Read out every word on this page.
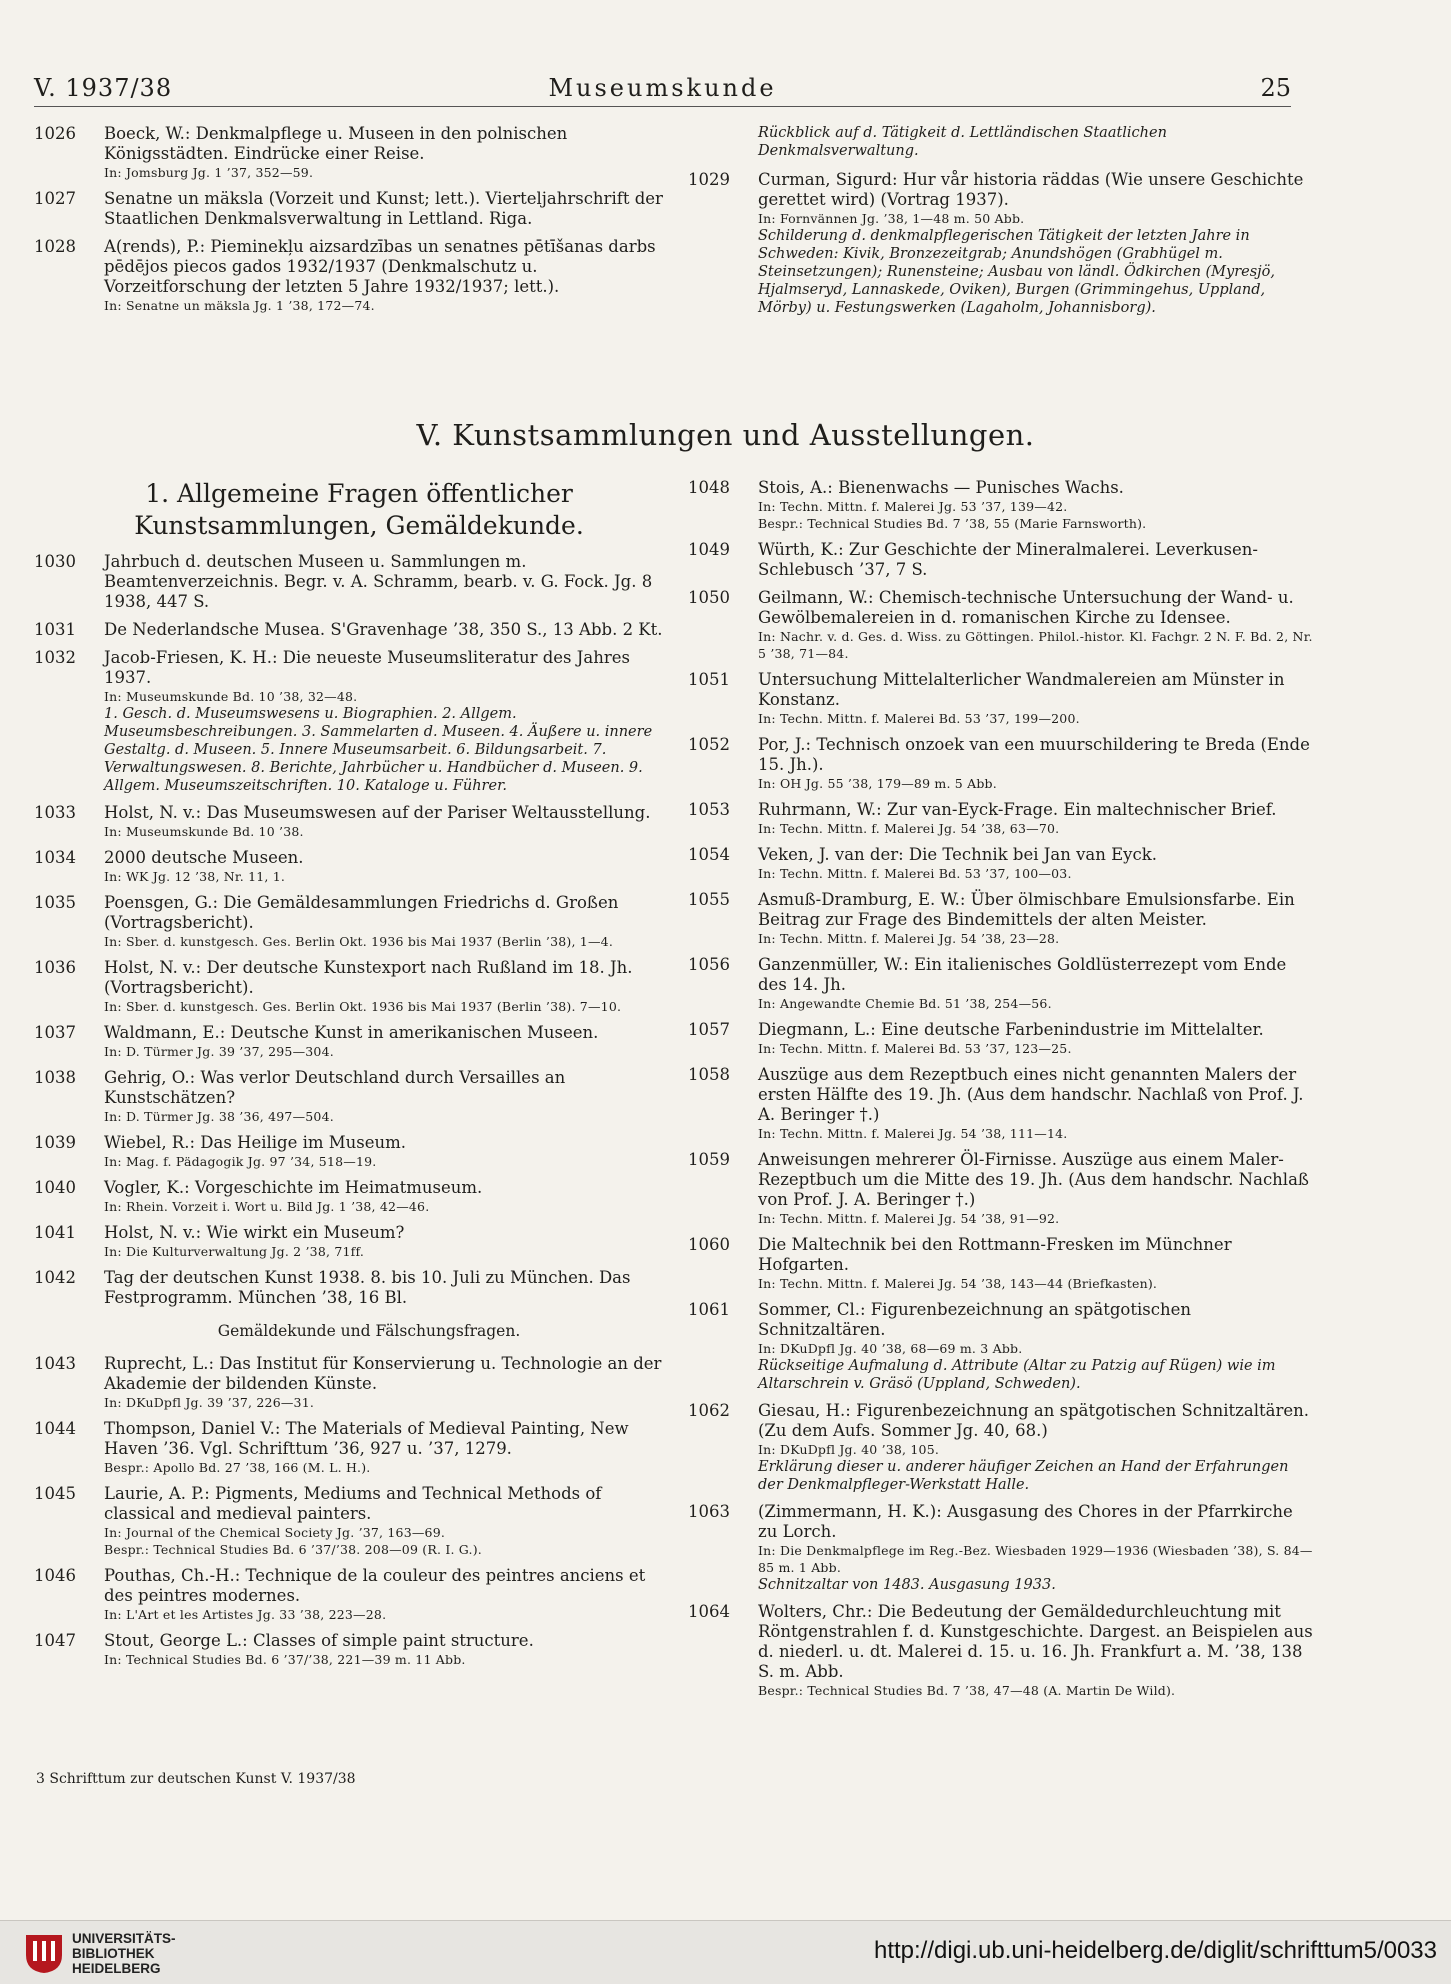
V. 1937/38	Museumskunde	25
1026 Boeck, W.: Denkmalpflege u. Museen in den polnischen Königsstädten. Eindrücke einer Reise.
In: Jomsburg Jg. 1 ’37, 352—59.
1027 Senatne un mäksla (Vorzeit und Kunst; lett.). Vierteljahrschrift der Staatlichen Denkmalsverwaltung in Lettland. Riga.
1028 A(rends), P.: Pieminekļu aizsardzības un senatnes pētīšanas darbs pēdējos piecos gados 1932/1937 (Denkmalschutz u. Vorzeitforschung der letzten 5 Jahre 1932/1937; lett.).
In: Senatne un mäksla Jg. 1 ’38, 172—74.
Rückblick auf d. Tätigkeit d. Lettländischen Staatlichen Denkmalsverwaltung.
1029 Curman, Sigurd: Hur vår historia räddas (Wie unsere Geschichte gerettet wird) (Vortrag 1937).
In: Fornvännen Jg. ’38, 1—48 m. 50 Abb.
Schilderung d. denkmalpflegerischen Tätigkeit der letzten Jahre in Schweden: Kivik, Bronzezeitgrab; Anundshögen (Grabhügel m. Steinsetzungen); Runensteine; Ausbau von ländl. Ödkirchen (Myresjö, Hjalmseryd, Lannaskede, Oviken), Burgen (Grimmingehus, Uppland, Mörby) u. Festungswerken (Lagaholm, Johannisborg).
V. Kunstsammlungen und Ausstellungen.
1. Allgemeine Fragen öffentlicher Kunstsammlungen, Gemäldekunde.
1030 Jahrbuch d. deutschen Museen u. Sammlungen m. Beamtenverzeichnis. Begr. v. A. Schramm, bearb. v. G. Fock. Jg. 8 1938, 447 S.
1031 De Nederlandsche Musea. S'Gravenhage ’38, 350 S., 13 Abb. 2 Kt.
1032 Jacob-Friesen, K. H.: Die neueste Museumsliteratur des Jahres 1937.
In: Museumskunde Bd. 10 ’38, 32—48.
1. Gesch. d. Museumswesens u. Biographien. 2. Allgem. Museumsbeschreibungen. 3. Sammelarten d. Museen. 4. Äußere u. innere Gestaltg. d. Museen. 5. Innere Museumsarbeit. 6. Bildungsarbeit. 7. Verwaltungswesen. 8. Berichte, Jahrbücher u. Handbücher d. Museen. 9. Allgem. Museumszeitschriften. 10. Kataloge u. Führer.
1033 Holst, N. v.: Das Museumswesen auf der Pariser Weltausstellung.
In: Museumskunde Bd. 10 ’38.
1034 2000 deutsche Museen.
In: WK Jg. 12 ’38, Nr. 11, 1.
1035 Poensgen, G.: Die Gemäldesammlungen Friedrichs d. Großen (Vortragsbericht).
In: Sber. d. kunstgesch. Ges. Berlin Okt. 1936 bis Mai 1937 (Berlin ’38), 1—4.
1036 Holst, N. v.: Der deutsche Kunstexport nach Rußland im 18. Jh. (Vortragsbericht).
In: Sber. d. kunstgesch. Ges. Berlin Okt. 1936 bis Mai 1937 (Berlin ’38). 7—10.
1037 Waldmann, E.: Deutsche Kunst in amerikanischen Museen.
In: D. Türmer Jg. 39 ’37, 295—304.
1038 Gehrig, O.: Was verlor Deutschland durch Versailles an Kunstschätzen?
In: D. Türmer Jg. 38 ’36, 497—504.
1039 Wiebel, R.: Das Heilige im Museum.
In: Mag. f. Pädagogik Jg. 97 ’34, 518—19.
1040 Vogler, K.: Vorgeschichte im Heimatmuseum.
In: Rhein. Vorzeit i. Wort u. Bild Jg. 1 ’38, 42—46.
1041 Holst, N. v.: Wie wirkt ein Museum?
In: Die Kulturverwaltung Jg. 2 ’38, 71ff.
1042 Tag der deutschen Kunst 1938. 8. bis 10. Juli zu München. Das Festprogramm. München ’38, 16 Bl.
Gemäldekunde und Fälschungsfragen.
1043 Ruprecht, L.: Das Institut für Konservierung u. Technologie an der Akademie der bildenden Künste.
In: DKuDpfl Jg. 39 ’37, 226—31.
1044 Thompson, Daniel V.: The Materials of Medieval Painting, New Haven ’36. Vgl. Schrifttum ’36, 927 u. ’37, 1279.
Bespr.: Apollo Bd. 27 ’38, 166 (M. L. H.).
1045 Laurie, A. P.: Pigments, Mediums and Technical Methods of classical and medieval painters.
In: Journal of the Chemical Society Jg. ’37, 163—69.
Bespr.: Technical Studies Bd. 6 ’37/’38. 208—09 (R. I. G.).
1046 Pouthas, Ch.-H.: Technique de la couleur des peintres anciens et des peintres modernes.
In: L'Art et les Artistes Jg. 33 ’38, 223—28.
1047 Stout, George L.: Classes of simple paint structure.
In: Technical Studies Bd. 6 ’37/’38, 221—39 m. 11 Abb.
1048 Stois, A.: Bienenwachs — Punisches Wachs.
In: Techn. Mittn. f. Malerei Jg. 53 ’37, 139—42.
Bespr.: Technical Studies Bd. 7 ’38, 55 (Marie Farnsworth).
1049 Würth, K.: Zur Geschichte der Mineralmalerei. Leverkusen-Schlebusch ’37, 7 S.
1050 Geilmann, W.: Chemisch-technische Untersuchung der Wand- u. Gewölbemalereien in d. romanischen Kirche zu Idensee.
In: Nachr. v. d. Ges. d. Wiss. zu Göttingen. Philol.-histor. Kl. Fachgr. 2 N. F. Bd. 2, Nr. 5 ’38, 71—84.
1051 Untersuchung Mittelalterlicher Wandmalereien am Münster in Konstanz.
In: Techn. Mittn. f. Malerei Bd. 53 ’37, 199—200.
1052 Por, J.: Technisch onzoek van een muurschildering te Breda (Ende 15. Jh.).
In: OH Jg. 55 ’38, 179—89 m. 5 Abb.
1053 Ruhrmann, W.: Zur van-Eyck-Frage. Ein maltechnischer Brief.
In: Techn. Mittn. f. Malerei Jg. 54 ’38, 63—70.
1054 Veken, J. van der: Die Technik bei Jan van Eyck.
In: Techn. Mittn. f. Malerei Bd. 53 ’37, 100—03.
1055 Asmuß-Dramburg, E. W.: Über ölmischbare Emulsionsfarbe. Ein Beitrag zur Frage des Bindemittels der alten Meister.
In: Techn. Mittn. f. Malerei Jg. 54 ’38, 23—28.
1056 Ganzenmüller, W.: Ein italienisches Goldlüsterrezept vom Ende des 14. Jh.
In: Angewandte Chemie Bd. 51 ’38, 254—56.
1057 Diegmann, L.: Eine deutsche Farbenindustrie im Mittelalter.
In: Techn. Mittn. f. Malerei Bd. 53 ’37, 123—25.
1058 Auszüge aus dem Rezeptbuch eines nicht genannten Malers der ersten Hälfte des 19. Jh. (Aus dem handschr. Nachlaß von Prof. J. A. Beringer †.)
In: Techn. Mittn. f. Malerei Jg. 54 ’38, 111—14.
1059 Anweisungen mehrerer Öl-Firnisse. Auszüge aus einem Maler-Rezeptbuch um die Mitte des 19. Jh. (Aus dem handschr. Nachlaß von Prof. J. A. Beringer †.)
In: Techn. Mittn. f. Malerei Jg. 54 ’38, 91—92.
1060 Die Maltechnik bei den Rottmann-Fresken im Münchner Hofgarten.
In: Techn. Mittn. f. Malerei Jg. 54 ’38, 143—44 (Briefkasten).
1061 Sommer, Cl.: Figurenbezeichnung an spätgotischen Schnitzaltären.
In: DKuDpfl Jg. 40 ’38, 68—69 m. 3 Abb.
Rückseitige Aufmalung d. Attribute (Altar zu Patzig auf Rügen) wie im Altarschrein v. Gräsö (Uppland, Schweden).
1062 Giesau, H.: Figurenbezeichnung an spätgotischen Schnitzaltären. (Zu dem Aufs. Sommer Jg. 40, 68.)
In: DKuDpfl Jg. 40 ’38, 105.
Erklärung dieser u. anderer häufiger Zeichen an Hand der Erfahrungen der Denkmalpfleger-Werkstatt Halle.
1063 (Zimmermann, H. K.): Ausgasung des Chores in der Pfarrkirche zu Lorch.
In: Die Denkmalpflege im Reg.-Bez. Wiesbaden 1929—1936 (Wiesbaden ’38), S. 84—85 m. 1 Abb.
Schnitzaltar von 1483. Ausgasung 1933.
1064 Wolters, Chr.: Die Bedeutung der Gemäldedurchleuchtung mit Röntgenstrahlen f. d. Kunstgeschichte. Dargest. an Beispielen aus d. niederl. u. dt. Malerei d. 15. u. 16. Jh. Frankfurt a. M. ’38, 138 S. m. Abb.
Bespr.: Technical Studies Bd. 7 ’38, 47—48 (A. Martin De Wild).
3 Schrifttum zur deutschen Kunst V. 1937/38
UNIVERSITÄTS-
BIBLIOTHEK
HEIDELBERG
http://digi.ub.uni-heidelberg.de/diglit/schrifttum5/0033
